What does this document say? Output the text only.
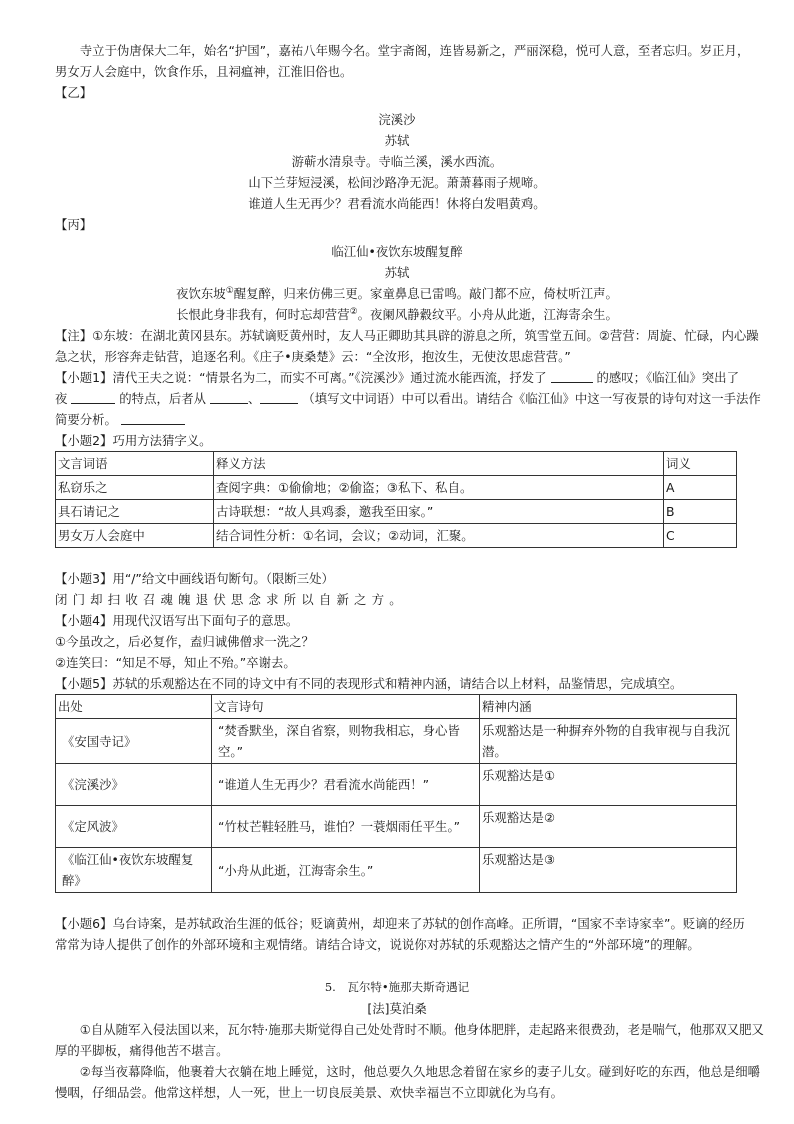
寺立于伪唐保大二年，始名“护国”，嘉祐八年赐今名。堂宇斋阁，连皆易新之，严丽深稳，悦可人意，至者忘归。岁正月，

男女万人会庭中，饮食作乐，且祠瘟神，江淮旧俗也。

【乙】

浣溪沙

苏轼

游蕲水清泉寺。寺临兰溪，溪水西流。

山下兰芽短浸溪，松间沙路净无泥。萧萧暮雨子规啼。

谁道人生无再少？君看流水尚能西！休将白发唱黄鸡。

【丙】

临江仙•夜饮东坡醒复醉

苏轼

夜饮东坡①醒复醉，归来仿佛三更。家童鼻息已雷鸣。敲门都不应，倚杖听江声。

长恨此身非我有，何时忘却营营②。夜阑风静縠纹平。小舟从此逝，江海寄余生。

【注】①东坡：在湖北黄冈县东。苏轼谪贬黄州时，友人马正卿助其具辟的游息之所，筑雪堂五间。②营营：周旋、忙碌，内心躁

急之状，形容奔走钻营，追逐名利。《庄子•庚桑楚》云：“全汝形，抱汝生，无使汝思虑营营。”

【小题1】清代王夫之说：“情景名为二，而实不可离。”《浣溪沙》通过流水能西流，抒发了	的感叹；《临江仙》突出了

夜	的特点，后者从	、	（填写文中词语）中可以看出。请结合《临江仙》中这一写夜景的诗句对这一手法作

简要分析。

【小题2】巧用方法猜字义。

文言词语	释义方法	词义
私窃乐之	查阅字典：①偷偷地；②偷盗；③私下、私自。	A
具石请记之	古诗联想：“故人具鸡黍，邀我至田家。”	B
男女万人会庭中	结合词性分析：①名词，会议；②动词，汇聚。	C

【小题3】用“/”给文中画线语句断句。（限断三处）

闭门却扫收召魂魄退伏思念求所以自新之方。

【小题4】用现代汉语写出下面句子的意思。

①今虽改之，后必复作，盍归诚佛僧求一洗之？

②连笑曰：“知足不辱，知止不殆。”卒谢去。

【小题5】苏轼的乐观豁达在不同的诗文中有不同的表现形式和精神内涵，请结合以上材料，品鉴情思，完成填空。

出处	文言诗句	精神内涵
《安国寺记》	“焚香默坐，深自省察，则物我相忘，身心皆空。”	乐观豁达是一种摒弃外物的自我审视与自我沉潜。
《浣溪沙》	“谁道人生无再少？君看流水尚能西！”	乐观豁达是①
《定风波》	“竹杖芒鞋轻胜马，谁怕？一蓑烟雨任平生。”	乐观豁达是②
《临江仙•夜饮东坡醒复醉》	“小舟从此逝，江海寄余生。”	乐观豁达是③

【小题6】乌台诗案，是苏轼政治生涯的低谷；贬谪黄州，却迎来了苏轼的创作高峰。正所谓，“国家不幸诗家幸”。贬谪的经历

常常为诗人提供了创作的外部环境和主观情绪。请结合诗文，说说你对苏轼的乐观豁达之情产生的“外部环境”的理解。

5.　瓦尔特•施那夫斯奇遇记

[法]莫泊桑

①自从随军入侵法国以来，瓦尔特·施那夫斯觉得自己处处背时不顺。他身体肥胖，走起路来很费劲，老是喘气，他那双又肥又

厚的平脚板，痛得他苦不堪言。

②每当夜幕降临，他裹着大衣躺在地上睡觉，这时，他总要久久地思念着留在家乡的妻子儿女。碰到好吃的东西，他总是细嚼

慢咽，仔细品尝。他常这样想，人一死，世上一切良辰美景、欢快幸福岂不立即就化为乌有。
